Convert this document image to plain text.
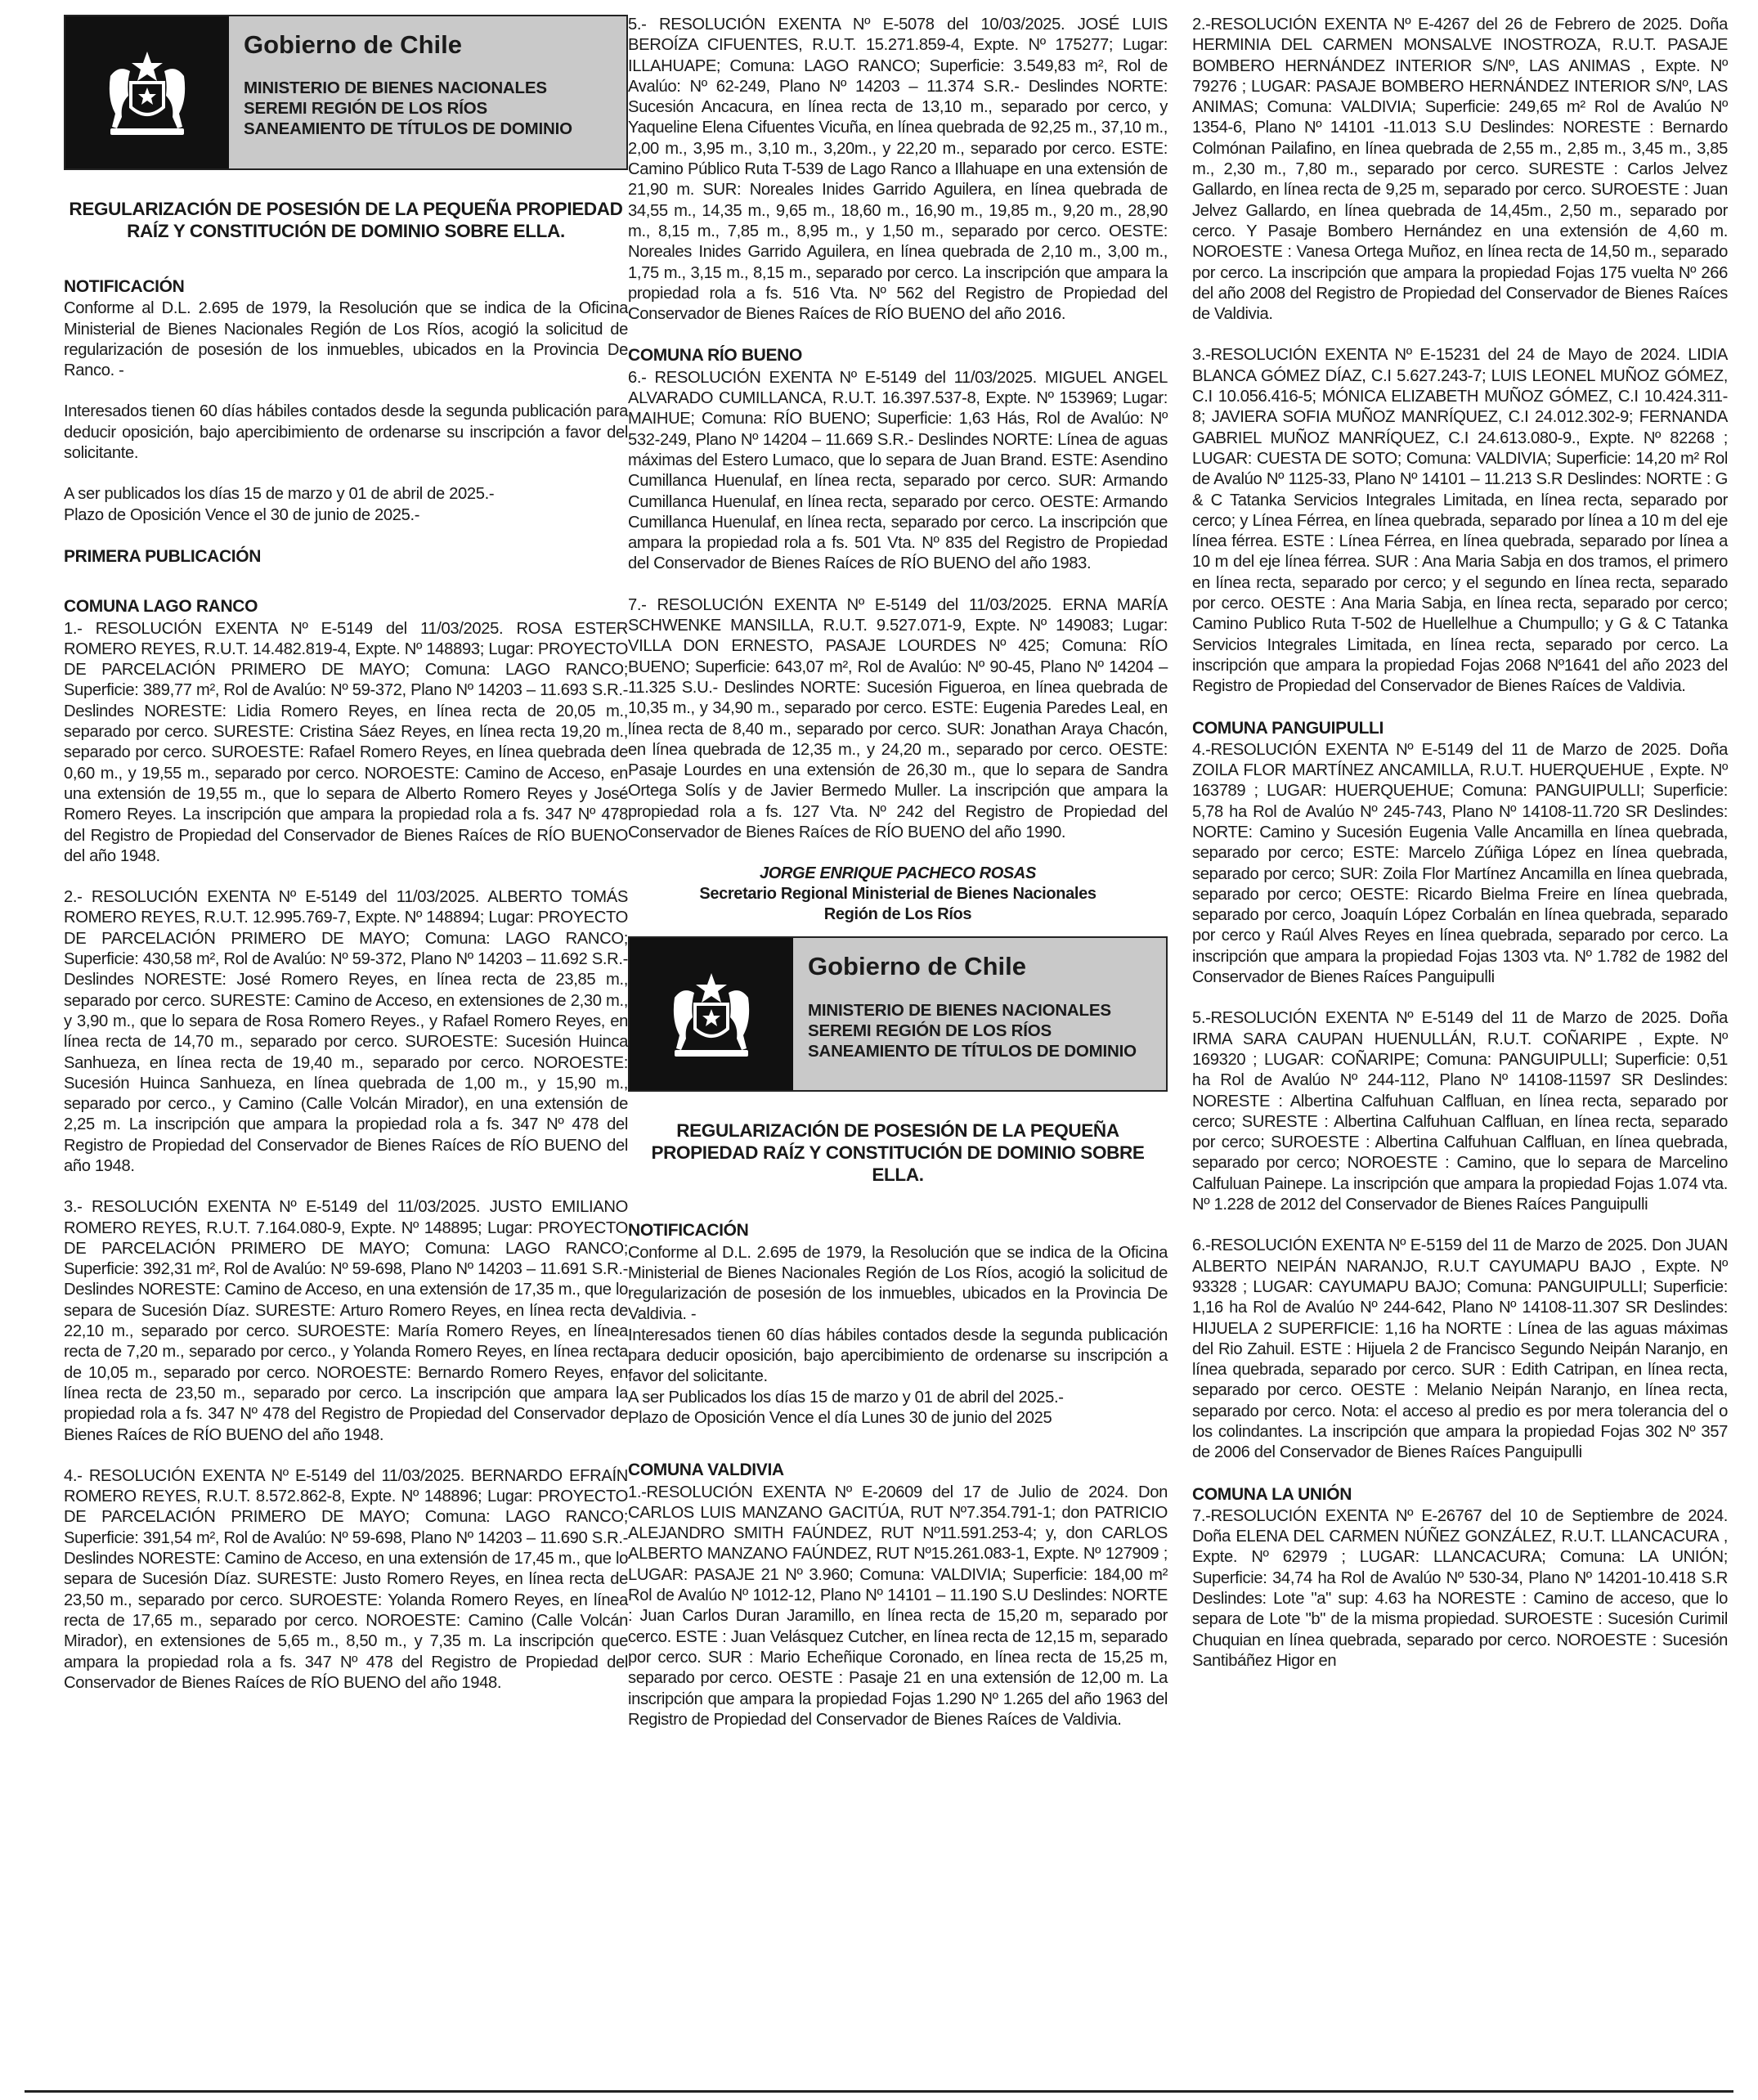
Gobierno de Chile
MINISTERIO DE BIENES NACIONALES
SEREMI REGIÓN DE LOS RÍOS
SANEAMIENTO DE TÍTULOS DE DOMINIO
REGULARIZACIÓN DE POSESIÓN DE LA PEQUEÑA PROPIEDAD RAÍZ Y CONSTITUCIÓN DE DOMINIO SOBRE ELLA.
NOTIFICACIÓN

Conforme al D.L. 2.695 de 1979, la Resolución que se indica de la Oficina Ministerial de Bienes Nacionales Región de Los Ríos, acogió la solicitud de regularización de posesión de los inmuebles, ubicados en la Provincia De Ranco. -

Interesados tienen 60 días hábiles contados desde la segunda publicación para deducir oposición, bajo apercibimiento de ordenarse su inscripción a favor del solicitante.

A ser publicados los días 15 de marzo y 01 de abril de 2025.-

Plazo de Oposición Vence el 30 de junio de 2025.-

PRIMERA PUBLICACIÓN
COMUNA LAGO RANCO

1.- RESOLUCIÓN EXENTA Nº E-5149 del 11/03/2025. ROSA ESTER ROMERO REYES, R.U.T. 14.482.819-4, Expte. Nº 148893; Lugar: PROYECTO DE PARCELACIÓN PRIMERO DE MAYO; Comuna: LAGO RANCO; Superficie: 389,77 m², Rol de Avalúo: Nº 59-372, Plano Nº 14203 – 11.693 S.R.- Deslindes NORESTE: Lidia Romero Reyes, en línea recta de 20,05 m., separado por cerco. SURESTE: Cristina Sáez Reyes, en línea recta 19,20 m., separado por cerco. SUROESTE: Rafael Romero Reyes, en línea quebrada de 0,60 m., y 19,55 m., separado por cerco. NOROESTE: Camino de Acceso, en una extensión de 19,55 m., que lo separa de Alberto Romero Reyes y José Romero Reyes. La inscripción que ampara la propiedad rola a fs. 347 Nº 478 del Registro de Propiedad del Conservador de Bienes Raíces de RÍO BUENO del año 1948.

2.- RESOLUCIÓN EXENTA Nº E-5149 del 11/03/2025. ALBERTO TOMÁS ROMERO REYES, R.U.T. 12.995.769-7, Expte. Nº 148894; Lugar: PROYECTO DE PARCELACIÓN PRIMERO DE MAYO; Comuna: LAGO RANCO; Superficie: 430,58 m², Rol de Avalúo: Nº 59-372, Plano Nº 14203 – 11.692 S.R.- Deslindes NORESTE: José Romero Reyes, en línea recta de 23,85 m., separado por cerco. SURESTE: Camino de Acceso, en extensiones de 2,30 m., y 3,90 m., que lo separa de Rosa Romero Reyes., y Rafael Romero Reyes, en línea recta de 14,70 m., separado por cerco. SUROESTE: Sucesión Huinca Sanhueza, en línea recta de 19,40 m., separado por cerco. NOROESTE: Sucesión Huinca Sanhueza, en línea quebrada de 1,00 m., y 15,90 m., separado por cerco., y Camino (Calle Volcán Mirador), en una extensión de 2,25 m. La inscripción que ampara la propiedad rola a fs. 347 Nº 478 del Registro de Propiedad del Conservador de Bienes Raíces de RÍO BUENO del año 1948.

3.- RESOLUCIÓN EXENTA Nº E-5149 del 11/03/2025. JUSTO EMILIANO ROMERO REYES, R.U.T. 7.164.080-9, Expte. Nº 148895; Lugar: PROYECTO DE PARCELACIÓN PRIMERO DE MAYO; Comuna: LAGO RANCO; Superficie: 392,31 m², Rol de Avalúo: Nº 59-698, Plano Nº 14203 – 11.691 S.R.- Deslindes NORESTE: Camino de Acceso, en una extensión de 17,35 m., que lo separa de Sucesión Díaz. SURESTE: Arturo Romero Reyes, en línea recta de 22,10 m., separado por cerco. SUROESTE: María Romero Reyes, en línea recta de 7,20 m., separado por cerco., y Yolanda Romero Reyes, en línea recta de 10,05 m., separado por cerco. NOROESTE: Bernardo Romero Reyes, en línea recta de 23,50 m., separado por cerco. La inscripción que ampara la propiedad rola a fs. 347 Nº 478 del Registro de Propiedad del Conservador de Bienes Raíces de RÍO BUENO del año 1948.

4.- RESOLUCIÓN EXENTA Nº E-5149 del 11/03/2025. BERNARDO EFRAÍN ROMERO REYES, R.U.T. 8.572.862-8, Expte. Nº 148896; Lugar: PROYECTO DE PARCELACIÓN PRIMERO DE MAYO; Comuna: LAGO RANCO; Superficie: 391,54 m², Rol de Avalúo: Nº 59-698, Plano Nº 14203 – 11.690 S.R.- Deslindes NORESTE: Camino de Acceso, en una extensión de 17,45 m., que lo separa de Sucesión Díaz. SURESTE: Justo Romero Reyes, en línea recta de 23,50 m., separado por cerco. SUROESTE: Yolanda Romero Reyes, en línea recta de 17,65 m., separado por cerco. NOROESTE: Camino (Calle Volcán Mirador), en extensiones de 5,65 m., 8,50 m., y 7,35 m. La inscripción que ampara la propiedad rola a fs. 347 Nº 478 del Registro de Propiedad del Conservador de Bienes Raíces de RÍO BUENO del año 1948.

5.- RESOLUCIÓN EXENTA Nº E-5078 del 10/03/2025. JOSÉ LUIS BEROÍZA CIFUENTES, R.U.T. 15.271.859-4, Expte. Nº 175277; Lugar: ILLAHUAPE; Comuna: LAGO RANCO; Superficie: 3.549,83 m², Rol de Avalúo: Nº 62-249, Plano Nº 14203 – 11.374 S.R.- Deslindes NORTE: Sucesión Ancacura, en línea recta de 13,10 m., separado por cerco, y Yaqueline Elena Cifuentes Vicuña, en línea quebrada de 92,25 m., 37,10 m., 2,00 m., 3,95 m., 3,10 m., 3,20m., y 22,20 m., separado por cerco. ESTE: Camino Público Ruta T-539 de Lago Ranco a Illahuape en una extensión de 21,90 m. SUR: Noreales Inides Garrido Aguilera, en línea quebrada de 34,55 m., 14,35 m., 9,65 m., 18,60 m., 16,90 m., 19,85 m., 9,20 m., 28,90 m., 8,15 m., 7,85 m., 8,95 m., y 1,50 m., separado por cerco. OESTE: Noreales Inides Garrido Aguilera, en línea quebrada de 2,10 m., 3,00 m., 1,75 m., 3,15 m., 8,15 m., separado por cerco. La inscripción que ampara la propiedad rola a fs. 516 Vta. Nº 562 del Registro de Propiedad del Conservador de Bienes Raíces de RÍO BUENO del año 2016.

COMUNA RÍO BUENO

6.- RESOLUCIÓN EXENTA Nº E-5149 del 11/03/2025. MIGUEL ANGEL ALVARADO CUMILLANCA, R.U.T. 16.397.537-8, Expte. Nº 153969; Lugar: MAIHUE; Comuna: RÍO BUENO; Superficie: 1,63 Hás, Rol de Avalúo: Nº 532-249, Plano Nº 14204 – 11.669 S.R.- Deslindes NORTE: Línea de aguas máximas del Estero Lumaco, que lo separa de Juan Brand. ESTE: Asendino Cumillanca Huenulaf, en línea recta, separado por cerco. SUR: Armando Cumillanca Huenulaf, en línea recta, separado por cerco. OESTE: Armando Cumillanca Huenulaf, en línea recta, separado por cerco. La inscripción que ampara la propiedad rola a fs. 501 Vta. Nº 835 del Registro de Propiedad del Conservador de Bienes Raíces de RÍO BUENO del año 1983.

7.- RESOLUCIÓN EXENTA Nº E-5149 del 11/03/2025. ERNA MARÍA SCHWENKE MANSILLA, R.U.T. 9.527.071-9, Expte. Nº 149083; Lugar: VILLA DON ERNESTO, PASAJE LOURDES Nº 425; Comuna: RÍO BUENO; Superficie: 643,07 m², Rol de Avalúo: Nº 90-45, Plano Nº 14204 – 11.325 S.U.- Deslindes NORTE: Sucesión Figueroa, en línea quebrada de 10,35 m., y 34,90 m., separado por cerco. ESTE: Eugenia Paredes Leal, en línea recta de 8,40 m., separado por cerco. SUR: Jonathan Araya Chacón, en línea quebrada de 12,35 m., y 24,20 m., separado por cerco. OESTE: Pasaje Lourdes en una extensión de 26,30 m., que lo separa de Sandra Ortega Solís y de Javier Bermedo Muller. La inscripción que ampara la propiedad rola a fs. 127 Vta. Nº 242 del Registro de Propiedad del Conservador de Bienes Raíces de RÍO BUENO del año 1990.

JORGE ENRIQUE PACHECO ROSAS
Secretario Regional Ministerial de Bienes Nacionales
Región de Los Ríos
Gobierno de Chile
MINISTERIO DE BIENES NACIONALES
SEREMI REGIÓN DE LOS RÍOS
SANEAMIENTO DE TÍTULOS DE DOMINIO
REGULARIZACIÓN DE POSESIÓN DE LA PEQUEÑA PROPIEDAD RAÍZ Y CONSTITUCIÓN DE DOMINIO SOBRE ELLA.
NOTIFICACIÓN

Conforme al D.L. 2.695 de 1979, la Resolución que se indica de la Oficina Ministerial de Bienes Nacionales Región de Los Ríos, acogió la solicitud de regularización de posesión de los inmuebles, ubicados en la Provincia De Valdivia. -

Interesados tienen 60 días hábiles contados desde la segunda publicación para deducir oposición, bajo apercibimiento de ordenarse su inscripción a favor del solicitante.

A ser Publicados los días 15 de marzo y 01 de abril del 2025.-

Plazo de Oposición Vence el día Lunes 30 de junio del 2025

COMUNA VALDIVIA

1.-RESOLUCIÓN EXENTA Nº E-20609 del 17 de Julio de 2024. Don CARLOS LUIS MANZANO GACITÚA, RUT Nº7.354.791-1; don PATRICIO ALEJANDRO SMITH FAÚNDEZ, RUT Nº11.591.253-4; y, don CARLOS ALBERTO MANZANO FAÚNDEZ, RUT Nº15.261.083-1, Expte. Nº 127909 ; LUGAR: PASAJE 21 Nº 3.960; Comuna: VALDIVIA; Superficie: 184,00 m² Rol de Avalúo Nº 1012-12, Plano Nº 14101 – 11.190 S.U Deslindes: NORTE : Juan Carlos Duran Jaramillo, en línea recta de 15,20 m, separado por cerco. ESTE : Juan Velásquez Cutcher, en línea recta de 12,15 m, separado por cerco. SUR : Mario Echeñique Coronado, en línea recta de 15,25 m, separado por cerco. OESTE : Pasaje 21 en una extensión de 12,00 m. La inscripción que ampara la propiedad Fojas 1.290 Nº 1.265 del año 1963 del Registro de Propiedad del Conservador de Bienes Raíces de Valdivia.

2.-RESOLUCIÓN EXENTA Nº E-4267 del 26 de Febrero de 2025. Doña HERMINIA DEL CARMEN MONSALVE INOSTROZA, R.U.T. PASAJE BOMBERO HERNÁNDEZ INTERIOR S/Nº, LAS ANIMAS , Expte. Nº 79276 ; LUGAR: PASAJE BOMBERO HERNÁNDEZ INTERIOR S/Nº, LAS ANIMAS; Comuna: VALDIVIA; Superficie: 249,65 m² Rol de Avalúo Nº 1354-6, Plano Nº 14101 -11.013 S.U Deslindes: NORESTE : Bernardo Colmónan Pailafino, en línea quebrada de 2,55 m., 2,85 m., 3,45 m., 3,85 m., 2,30 m., 7,80 m., separado por cerco. SURESTE : Carlos Jelvez Gallardo, en línea recta de 9,25 m, separado por cerco. SUROESTE : Juan Jelvez Gallardo, en línea quebrada de 14,45m., 2,50 m., separado por cerco. Y Pasaje Bombero Hernández en una extensión de 4,60 m. NOROESTE : Vanesa Ortega Muñoz, en línea recta de 14,50 m., separado por cerco. La inscripción que ampara la propiedad Fojas 175 vuelta Nº 266 del año 2008 del Registro de Propiedad del Conservador de Bienes Raíces de Valdivia.

3.-RESOLUCIÓN EXENTA Nº E-15231 del 24 de Mayo de 2024. LIDIA BLANCA GÓMEZ DÍAZ, C.I 5.627.243-7; LUIS LEONEL MUÑOZ GÓMEZ, C.I 10.056.416-5; MÓNICA ELIZABETH MUÑOZ GÓMEZ, C.I 10.424.311-8; JAVIERA SOFIA MUÑOZ MANRÍQUEZ, C.I 24.012.302-9; FERNANDA GABRIEL MUÑOZ MANRÍQUEZ, C.I 24.613.080-9., Expte. Nº 82268 ; LUGAR: CUESTA DE SOTO; Comuna: VALDIVIA; Superficie: 14,20 m² Rol de Avalúo Nº 1125-33, Plano Nº 14101 – 11.213 S.R Deslindes: NORTE : G & C Tatanka Servicios Integrales Limitada, en línea recta, separado por cerco; y Línea Férrea, en línea quebrada, separado por línea a 10 m del eje línea férrea. ESTE : Línea Férrea, en línea quebrada, separado por línea a 10 m del eje línea férrea. SUR : Ana Maria Sabja en dos tramos, el primero en línea recta, separado por cerco; y el segundo en línea recta, separado por cerco. OESTE : Ana Maria Sabja, en línea recta, separado por cerco; Camino Publico Ruta T-502 de Huellelhue a Chumpullo; y G & C Tatanka Servicios Integrales Limitada, en línea recta, separado por cerco. La inscripción que ampara la propiedad Fojas 2068 Nº1641 del año 2023 del Registro de Propiedad del Conservador de Bienes Raíces de Valdivia.

COMUNA PANGUIPULLI

4.-RESOLUCIÓN EXENTA Nº E-5149 del 11 de Marzo de 2025. Doña ZOILA FLOR MARTÍNEZ ANCAMILLA, R.U.T. HUERQUEHUE , Expte. Nº 163789 ; LUGAR: HUERQUEHUE; Comuna: PANGUIPULLI; Superficie: 5,78 ha Rol de Avalúo Nº 245-743, Plano Nº 14108-11.720 SR Deslindes: NORTE: Camino y Sucesión Eugenia Valle Ancamilla en línea quebrada, separado por cerco; ESTE: Marcelo Zúñiga López en línea quebrada, separado por cerco; SUR: Zoila Flor Martínez Ancamilla en línea quebrada, separado por cerco; OESTE: Ricardo Bielma Freire en línea quebrada, separado por cerco, Joaquín López Corbalán en línea quebrada, separado por cerco y Raúl Alves Reyes en línea quebrada, separado por cerco. La inscripción que ampara la propiedad Fojas 1303 vta. Nº 1.782 de 1982 del Conservador de Bienes Raíces Panguipulli

5.-RESOLUCIÓN EXENTA Nº E-5149 del 11 de Marzo de 2025. Doña IRMA SARA CAUPAN HUENULLÁN, R.U.T. COÑARIPE , Expte. Nº 169320 ; LUGAR: COÑARIPE; Comuna: PANGUIPULLI; Superficie: 0,51 ha Rol de Avalúo Nº 244-112, Plano Nº 14108-11597 SR Deslindes: NORESTE : Albertina Calfuhuan Calfluan, en línea recta, separado por cerco; SURESTE : Albertina Calfuhuan Calfluan, en línea recta, separado por cerco; SUROESTE : Albertina Calfuhuan Calfluan, en línea quebrada, separado por cerco; NOROESTE : Camino, que lo separa de Marcelino Calfuluan Painepe. La inscripción que ampara la propiedad Fojas 1.074 vta. Nº 1.228 de 2012 del Conservador de Bienes Raíces Panguipulli

6.-RESOLUCIÓN EXENTA Nº E-5159 del 11 de Marzo de 2025. Don JUAN ALBERTO NEIPÁN NARANJO, R.U.T CAYUMAPU BAJO , Expte. Nº 93328 ; LUGAR: CAYUMAPU BAJO; Comuna: PANGUIPULLI; Superficie: 1,16 ha Rol de Avalúo Nº 244-642, Plano Nº 14108-11.307 SR Deslindes: HIJUELA 2 SUPERFICIE: 1,16 ha NORTE : Línea de las aguas máximas del Rio Zahuil. ESTE : Hijuela 2 de Francisco Segundo Neipán Naranjo, en línea quebrada, separado por cerco. SUR : Edith Catripan, en línea recta, separado por cerco. OESTE : Melanio Neipán Naranjo, en línea recta, separado por cerco. Nota: el acceso al predio es por mera tolerancia del o los colindantes. La inscripción que ampara la propiedad Fojas 302 Nº 357 de 2006 del Conservador de Bienes Raíces Panguipulli

COMUNA LA UNIÓN

7.-RESOLUCIÓN EXENTA Nº E-26767 del 10 de Septiembre de 2024. Doña ELENA DEL CARMEN NÚÑEZ GONZÁLEZ, R.U.T. LLANCACURA , Expte. Nº 62979 ; LUGAR: LLANCACURA; Comuna: LA UNIÓN; Superficie: 34,74 ha Rol de Avalúo Nº 530-34, Plano Nº 14201-10.418 S.R Deslindes: Lote "a" sup: 4.63 ha NORESTE : Camino de acceso, que lo separa de Lote "b" de la misma propiedad. SUROESTE : Sucesión Curimil Chuquian en línea quebrada, separado por cerco. NOROESTE : Sucesión Santibáñez Higor en
